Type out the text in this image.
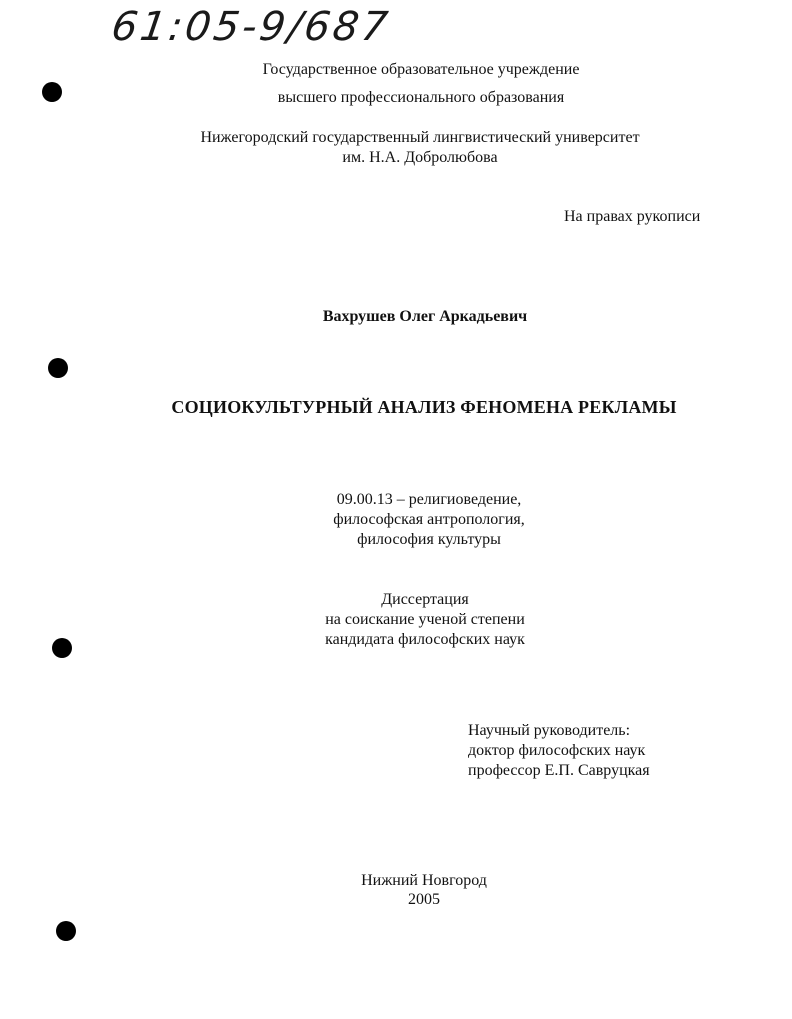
61:05-9/687
Государственное образовательное учреждение
высшего профессионального образования
Нижегородский государственный лингвистический университет
им. Н.А. Добролюбова
На правах рукописи
Вахрушев Олег Аркадьевич
СОЦИОКУЛЬТУРНЫЙ АНАЛИЗ ФЕНОМЕНА РЕКЛАМЫ
09.00.13 – религиоведение,
философская антропология,
философия культуры
Диссертация
на соискание ученой степени
кандидата философских наук
Научный руководитель:
доктор философских наук
профессор Е.П. Савруцкая
Нижний Новгород
2005
